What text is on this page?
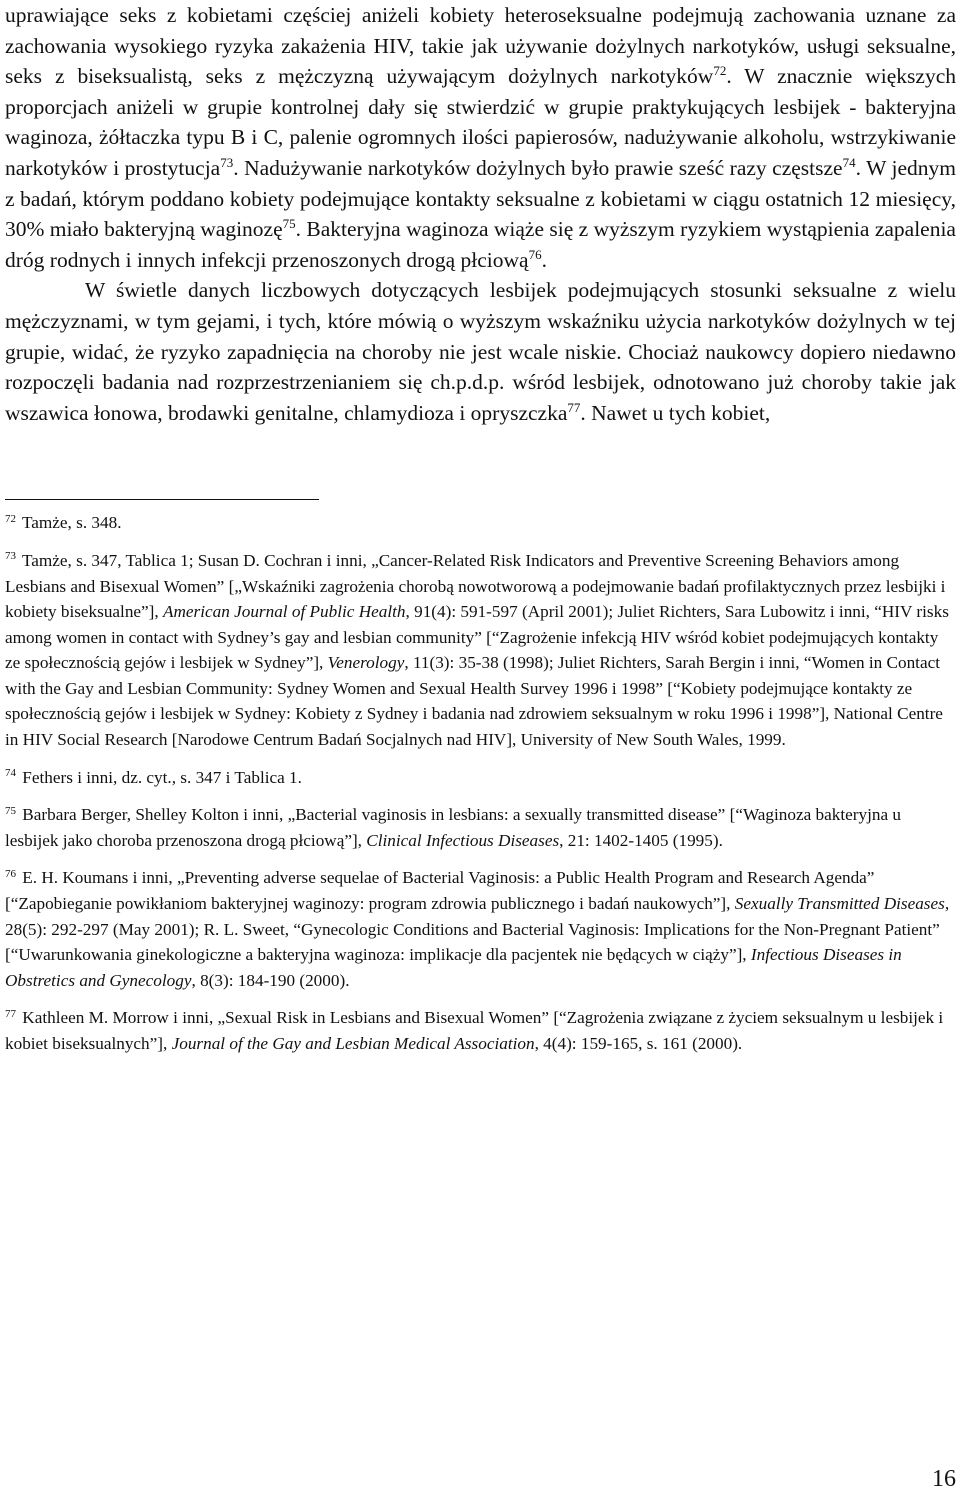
uprawiające seks z kobietami częściej aniżeli kobiety heteroseksualne podejmują zachowania uznane za zachowania wysokiego ryzyka zakażenia HIV, takie jak używanie dożylnych narkotyków, usługi seksualne, seks z biseksualistą, seks z mężczyzną używającym dożylnych narkotyków$^{72}$. W znacznie większych proporcjach aniżeli w grupie kontrolnej dały się stwierdzić w grupie praktykujących lesbijek - bakteryjna waginoza, żółtaczka typu B i C, palenie ogromnych ilości papierosów, nadużywanie alkoholu, wstrzykiwanie narkotyków i prostytucja$^{73}$. Nadużywanie narkotyków dożylnych było prawie sześć razy częstsze$^{74}$. W jednym z badań, którym poddano kobiety podejmujące kontakty seksualne z kobietami w ciągu ostatnich 12 miesięcy, 30% miało bakteryjną waginozę$^{75}$. Bakteryjna waginoza wiąże się z wyższym ryzykiem wystąpienia zapalenia dróg rodnych i innych infekcji przenoszonych drogą płciową$^{76}$.

W świetle danych liczbowych dotyczących lesbijek podejmujących stosunki seksualne z wielu mężczyznami, w tym gejami, i tych, które mówią o wyższym wskaźniku użycia narkotyków dożylnych w tej grupie, widać, że ryzyko zapadnięcia na choroby nie jest wcale niskie. Chociaż naukowcy dopiero niedawno rozpoczęli badania nad rozprzestrzenianiem się ch.p.d.p. wśród lesbijek, odnotowano już choroby takie jak wszawica łonowa, brodawki genitalne, chlamydioza i opryszczka$^{77}$. Nawet u tych kobiet,

$^{72}$ Tamże, s. 348.

$^{73}$ Tamże, s. 347, Tablica 1; Susan D. Cochran i inni, „Cancer-Related Risk Indicators and Preventive Screening Behaviors among Lesbians and Bisexual Women” [„Wskaźniki zagrożenia chorobą nowotworową a podejmowanie badań profilaktycznych przez lesbijki i kobiety biseksualne”], American Journal of Public Health, 91(4): 591-597 (April 2001); Juliet Richters, Sara Lubowitz i inni, “HIV risks among women in contact with Sydney’s gay and lesbian community” [“Zagrożenie infekcją HIV wśród kobiet podejmujących kontakty ze społecznością gejów i lesbijek w Sydney”], Venerology, 11(3): 35-38 (1998); Juliet Richters, Sarah Bergin i inni, “Women in Contact with the Gay and Lesbian Community: Sydney Women and Sexual Health Survey 1996 i 1998” [“Kobiety podejmujące kontakty ze społecznością gejów i lesbijek w Sydney: Kobiety z Sydney i badania nad zdrowiem seksualnym w roku 1996 i 1998”], National Centre in HIV Social Research [Narodowe Centrum Badań Socjalnych nad HIV], University of New South Wales, 1999.

$^{74}$ Fethers i inni, dz. cyt., s. 347 i Tablica 1.

$^{75}$ Barbara Berger, Shelley Kolton i inni, „Bacterial vaginosis in lesbians: a sexually transmitted disease” [“Waginoza bakteryjna u lesbijek jako choroba przenoszona drogą płciową”], Clinical Infectious Diseases, 21: 1402-1405 (1995).

$^{76}$ E. H. Koumans i inni, „Preventing adverse sequelae of Bacterial Vaginosis: a Public Health Program and Research Agenda” [“Zapobieganie powikłaniom bakteryjnej waginozy: program zdrowia publicznego i badań naukowych”], Sexually Transmitted Diseases, 28(5): 292-297 (May 2001); R. L. Sweet, “Gynecologic Conditions and Bacterial Vaginosis: Implications for the Non-Pregnant Patient” [“Uwarunkowania ginekologiczne a bakteryjna waginoza: implikacje dla pacjentek nie będących w ciąży”], Infectious Diseases in Obstretics and Gynecology, 8(3): 184-190 (2000).

$^{77}$ Kathleen M. Morrow i inni, „Sexual Risk in Lesbians and Bisexual Women” [“Zagrożenia związane z życiem seksualnym u lesbijek i kobiet biseksualnych”], Journal of the Gay and Lesbian Medical Association, 4(4): 159-165, s. 161 (2000).

16
